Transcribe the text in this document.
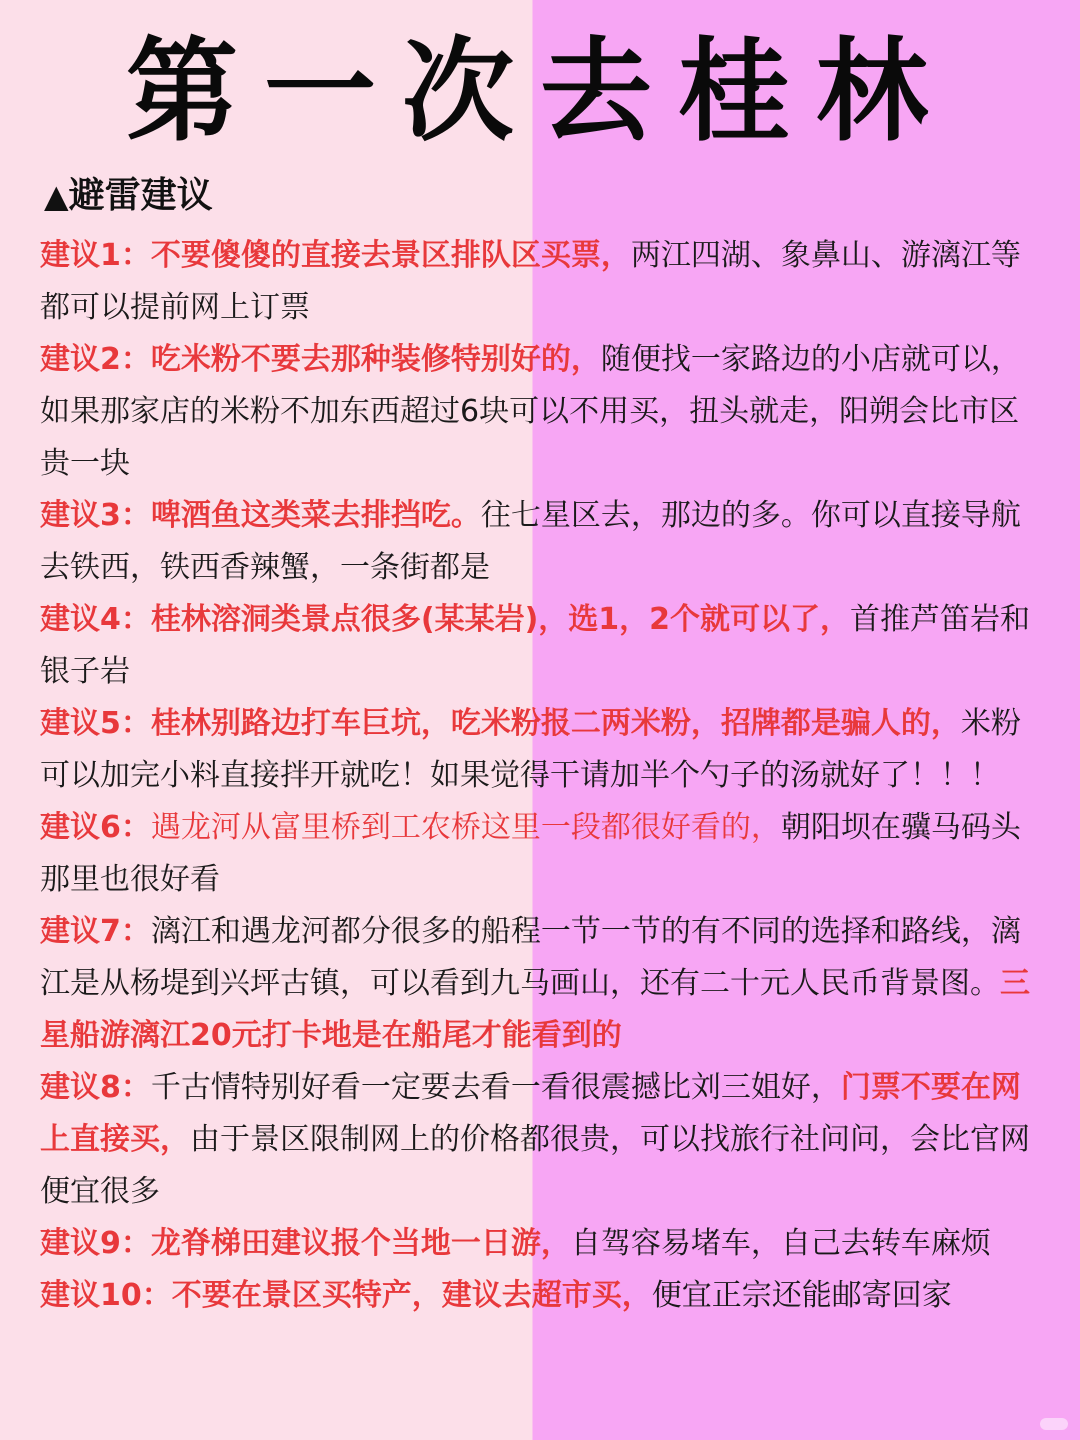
第一次去桂林
▲避雷建议
建议1：不要傻傻的直接去景区排队区买票，两江四湖、象鼻山、游漓江等都可以提前网上订票
建议2：吃米粉不要去那种装修特别好的，随便找一家路边的小店就可以，如果那家店的米粉不加东西超过6块可以不用买，扭头就走，阳朔会比市区贵一块
建议3：啤酒鱼这类菜去排挡吃。往七星区去，那边的多。你可以直接导航去铁西，铁西香辣蟹，一条街都是
建议4：桂林溶洞类景点很多(某某岩)，选1，2个就可以了，首推芦笛岩和银子岩
建议5：桂林别路边打车巨坑，吃米粉报二两米粉，招牌都是骗人的，米粉可以加完小料直接拌开就吃！如果觉得干请加半个勺子的汤就好了！！！
建议6：遇龙河从富里桥到工农桥这里一段都很好看的，朝阳坝在骥马码头 那里也很好看
建议7：漓江和遇龙河都分很多的船程一节一节的有不同的选择和路线，漓江是从杨堤到兴坪古镇，可以看到九马画山，还有二十元人民币背景图。三星船游漓江20元打卡地是在船尾才能看到的
建议8：千古情特别好看一定要去看一看很震撼比刘三姐好，门票不要在网上直接买，由于景区限制网上的价格都很贵，可以找旅行社问问，会比官网便宜很多
建议9：龙脊梯田建议报个当地一日游，自驾容易堵车，自己去转车麻烦
建议10：不要在景区买特产，建议去超市买，便宜正宗还能邮寄回家
